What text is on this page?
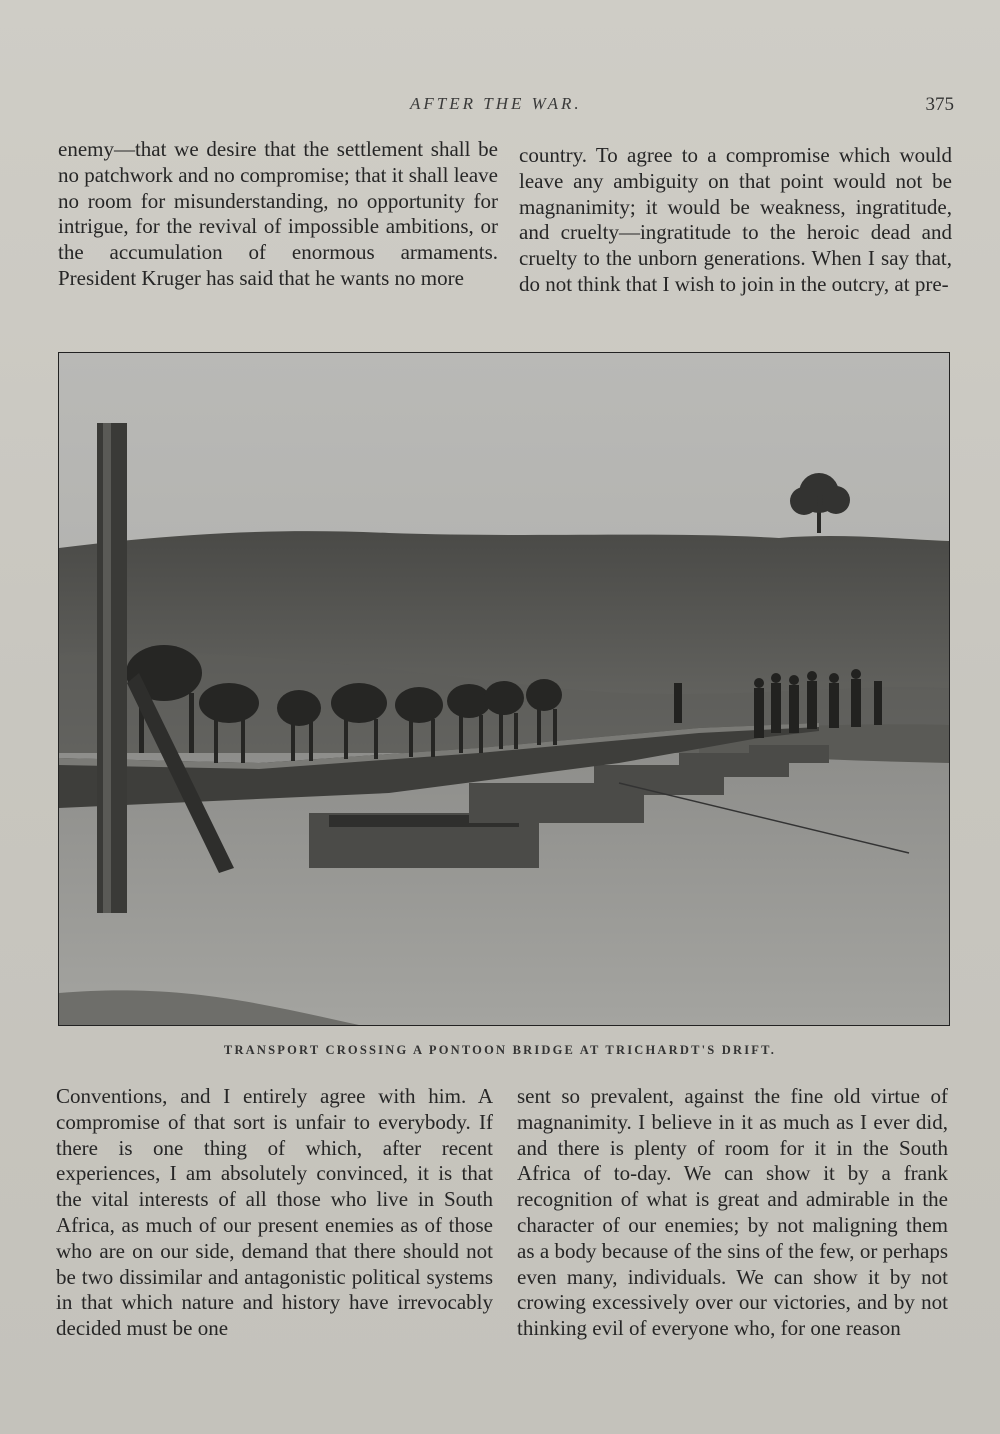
AFTER THE WAR.	375

enemy—that we desire that the settlement shall be no patchwork and no compromise; that it shall leave no room for misunderstanding, no opportunity for intrigue, for the revival of impossible ambitions, or the accumulation of enormous armaments. President Kruger has said that he wants no more

country. To agree to a compromise which would leave any ambiguity on that point would not be magnanimity; it would be weakness, ingratitude, and cruelty—ingratitude to the heroic dead and cruelty to the unborn generations. When I say that, do not think that I wish to join in the outcry, at pre-

TRANSPORT CROSSING A PONTOON BRIDGE AT TRICHARDT'S DRIFT.

Conventions, and I entirely agree with him. A compromise of that sort is unfair to everybody. If there is one thing of which, after recent experiences, I am absolutely convinced, it is that the vital interests of all those who live in South Africa, as much of our present enemies as of those who are on our side, demand that there should not be two dissimilar and antagonistic political systems in that which nature and history have irrevocably decided must be one

sent so prevalent, against the fine old virtue of magnanimity. I believe in it as much as I ever did, and there is plenty of room for it in the South Africa of to-day. We can show it by a frank recognition of what is great and admirable in the character of our enemies; by not maligning them as a body because of the sins of the few, or perhaps even many, individuals. We can show it by not crowing excessively over our victories, and by not thinking evil of everyone who, for one reason
